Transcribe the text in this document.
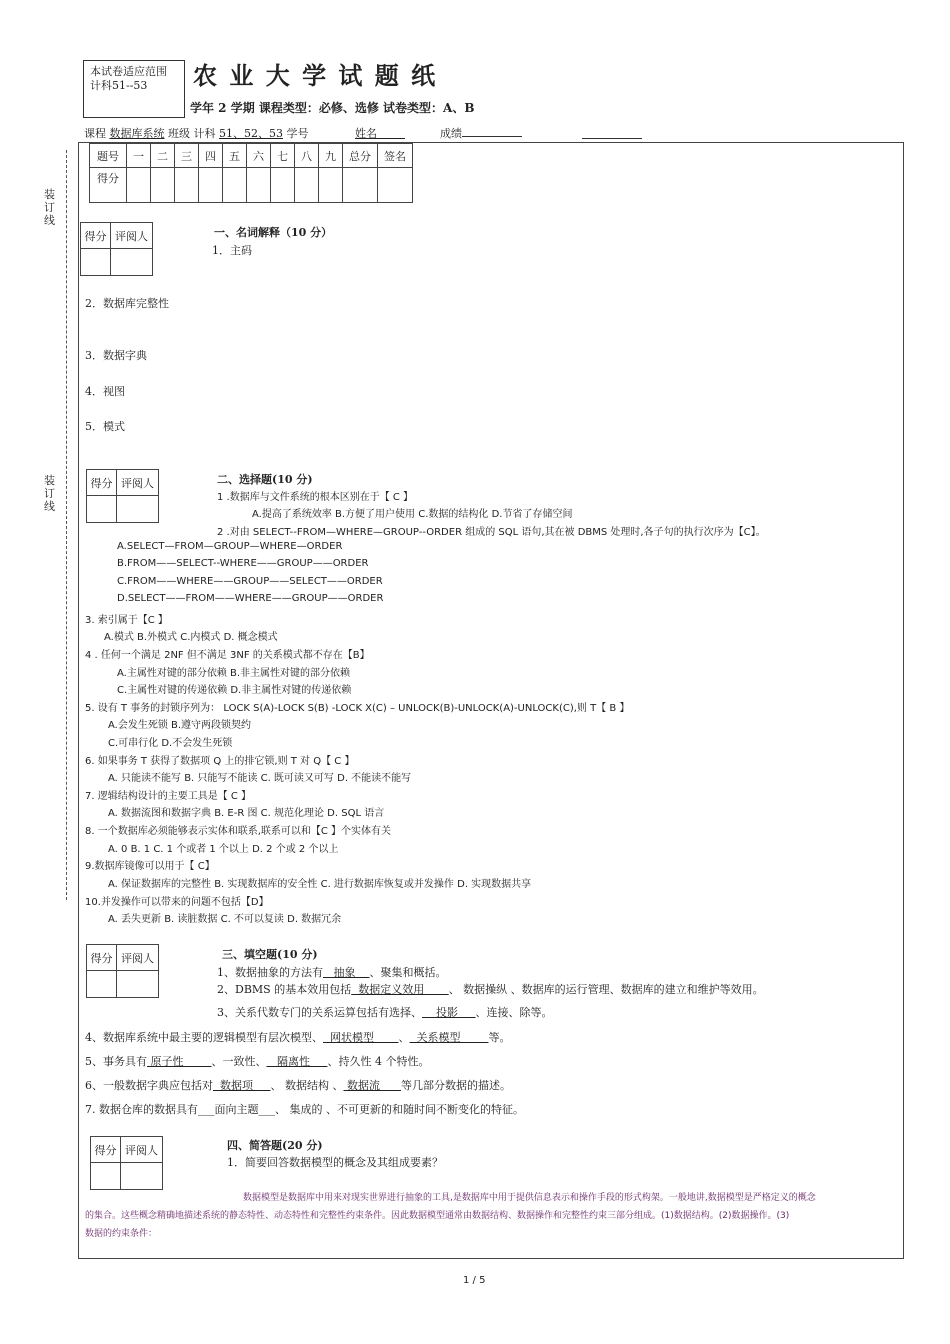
本试卷适应范围
计科51--53	农 业 大 学 试 题 纸
学年 2 学期 课程类型：必修、选修 试卷类型：A、B
课程 数据库系统 班级 计科 51、52、53 学号	姓名	成绩
装订线
装订线
题号	一	二	三	四	五	六	七	八	九	总分	签名
得分											
得分	评阅人
		一、名词解释（10 分）
1．主码
2．数据库完整性
3．数据字典
4．视图
5．模式
得分	评阅人
		二、选择题(10 分)
1 .数据库与文件系统的根本区别在于【 C 】
A.提高了系统效率 B.方便了用户使用 C.数据的结构化 D.节省了存储空间
2 .对由 SELECT--FROM—WHERE—GROUP--ORDER 组成的 SQL 语句,其在被 DBMS 处理时,各子句的执行次序为【C】。
A.SELECT—FROM—GROUP—WHERE—ORDER
B.FROM——SELECT--WHERE——GROUP——ORDER
C.FROM——WHERE——GROUP——SELECT——ORDER
D.SELECT——FROM——WHERE——GROUP——ORDER
3. 索引属于【C 】
A.模式 B.外模式 C.内模式 D. 概念模式
4 . 任何一个满足 2NF 但不满足 3NF 的关系模式都不存在【B】
A.主属性对键的部分依赖 B.非主属性对键的部分依赖
C.主属性对键的传递依赖 D.非主属性对键的传递依赖
5. 设有 T 事务的封锁序列为： LOCK S(A)-LOCK S(B) -LOCK X(C) – UNLOCK(B)-UNLOCK(A)-UNLOCK(C),则 T【 B 】
A.会发生死锁 B.遵守两段锁契约
C.可串行化 D.不会发生死锁
6. 如果事务 T 获得了数据项 Q 上的排它锁,则 T 对 Q【 C 】
A. 只能读不能写 B. 只能写不能读 C. 既可读又可写 D. 不能读不能写
7. 逻辑结构设计的主要工具是【 C 】
A. 数据流图和数据字典 B. E-R 图 C. 规范化理论 D. SQL 语言
8. 一个数据库必须能够表示实体和联系,联系可以和【C 】个实体有关
A. 0 B. 1 C. 1 个或者 1 个以上 D. 2 个或 2 个以上
9.数据库镜像可以用于【 C】
A. 保证数据库的完整性 B. 实现数据库的安全性 C. 进行数据库恢复或并发操作 D. 实现数据共享
10.并发操作可以带来的问题不包括【D】
A. 丢失更新 B. 读脏数据 C. 不可以复读 D. 数据冗余
得分	评阅人
		三、填空题(10 分)
1、数据抽象的方法有   抽象    、聚集和概括。
2、DBMS 的基本效用包括  数据定义效用       、 数据操纵 、数据库的运行管理、数据库的建立和维护等效用。
3、关系代数专门的关系运算包括有选择、    投影     、连接、除等。
4、数据库系统中最主要的逻辑模型有层次模型、  网状模型       、  关系模型        等。
5、事务具有 原子性        、一致性、   隔离性     、持久性 4 个特性。
6、一般数据字典应包括对  数据项     、 数据结构 、 数据流      等几部分数据的描述。
7. 数据仓库的数据具有___面向主题___、 集成的 、不可更新的和随时间不断变化的特征。
得分	评阅人
		四、简答题(20 分)
1．简要回答数据模型的概念及其组成要素？
数据模型是数据库中用来对现实世界进行抽象的工具,是数据库中用于提供信息表示和操作手段的形式构架。一般地讲,数据模型是严格定义的概念
的集合。这些概念精确地描述系统的静态特性、动态特性和完整性约束条件。因此数据模型通常由数据结构、数据操作和完整性约束三部分组成。(1)数据结构。(2)数据操作。(3)
数据的约束条件：
1 / 5
